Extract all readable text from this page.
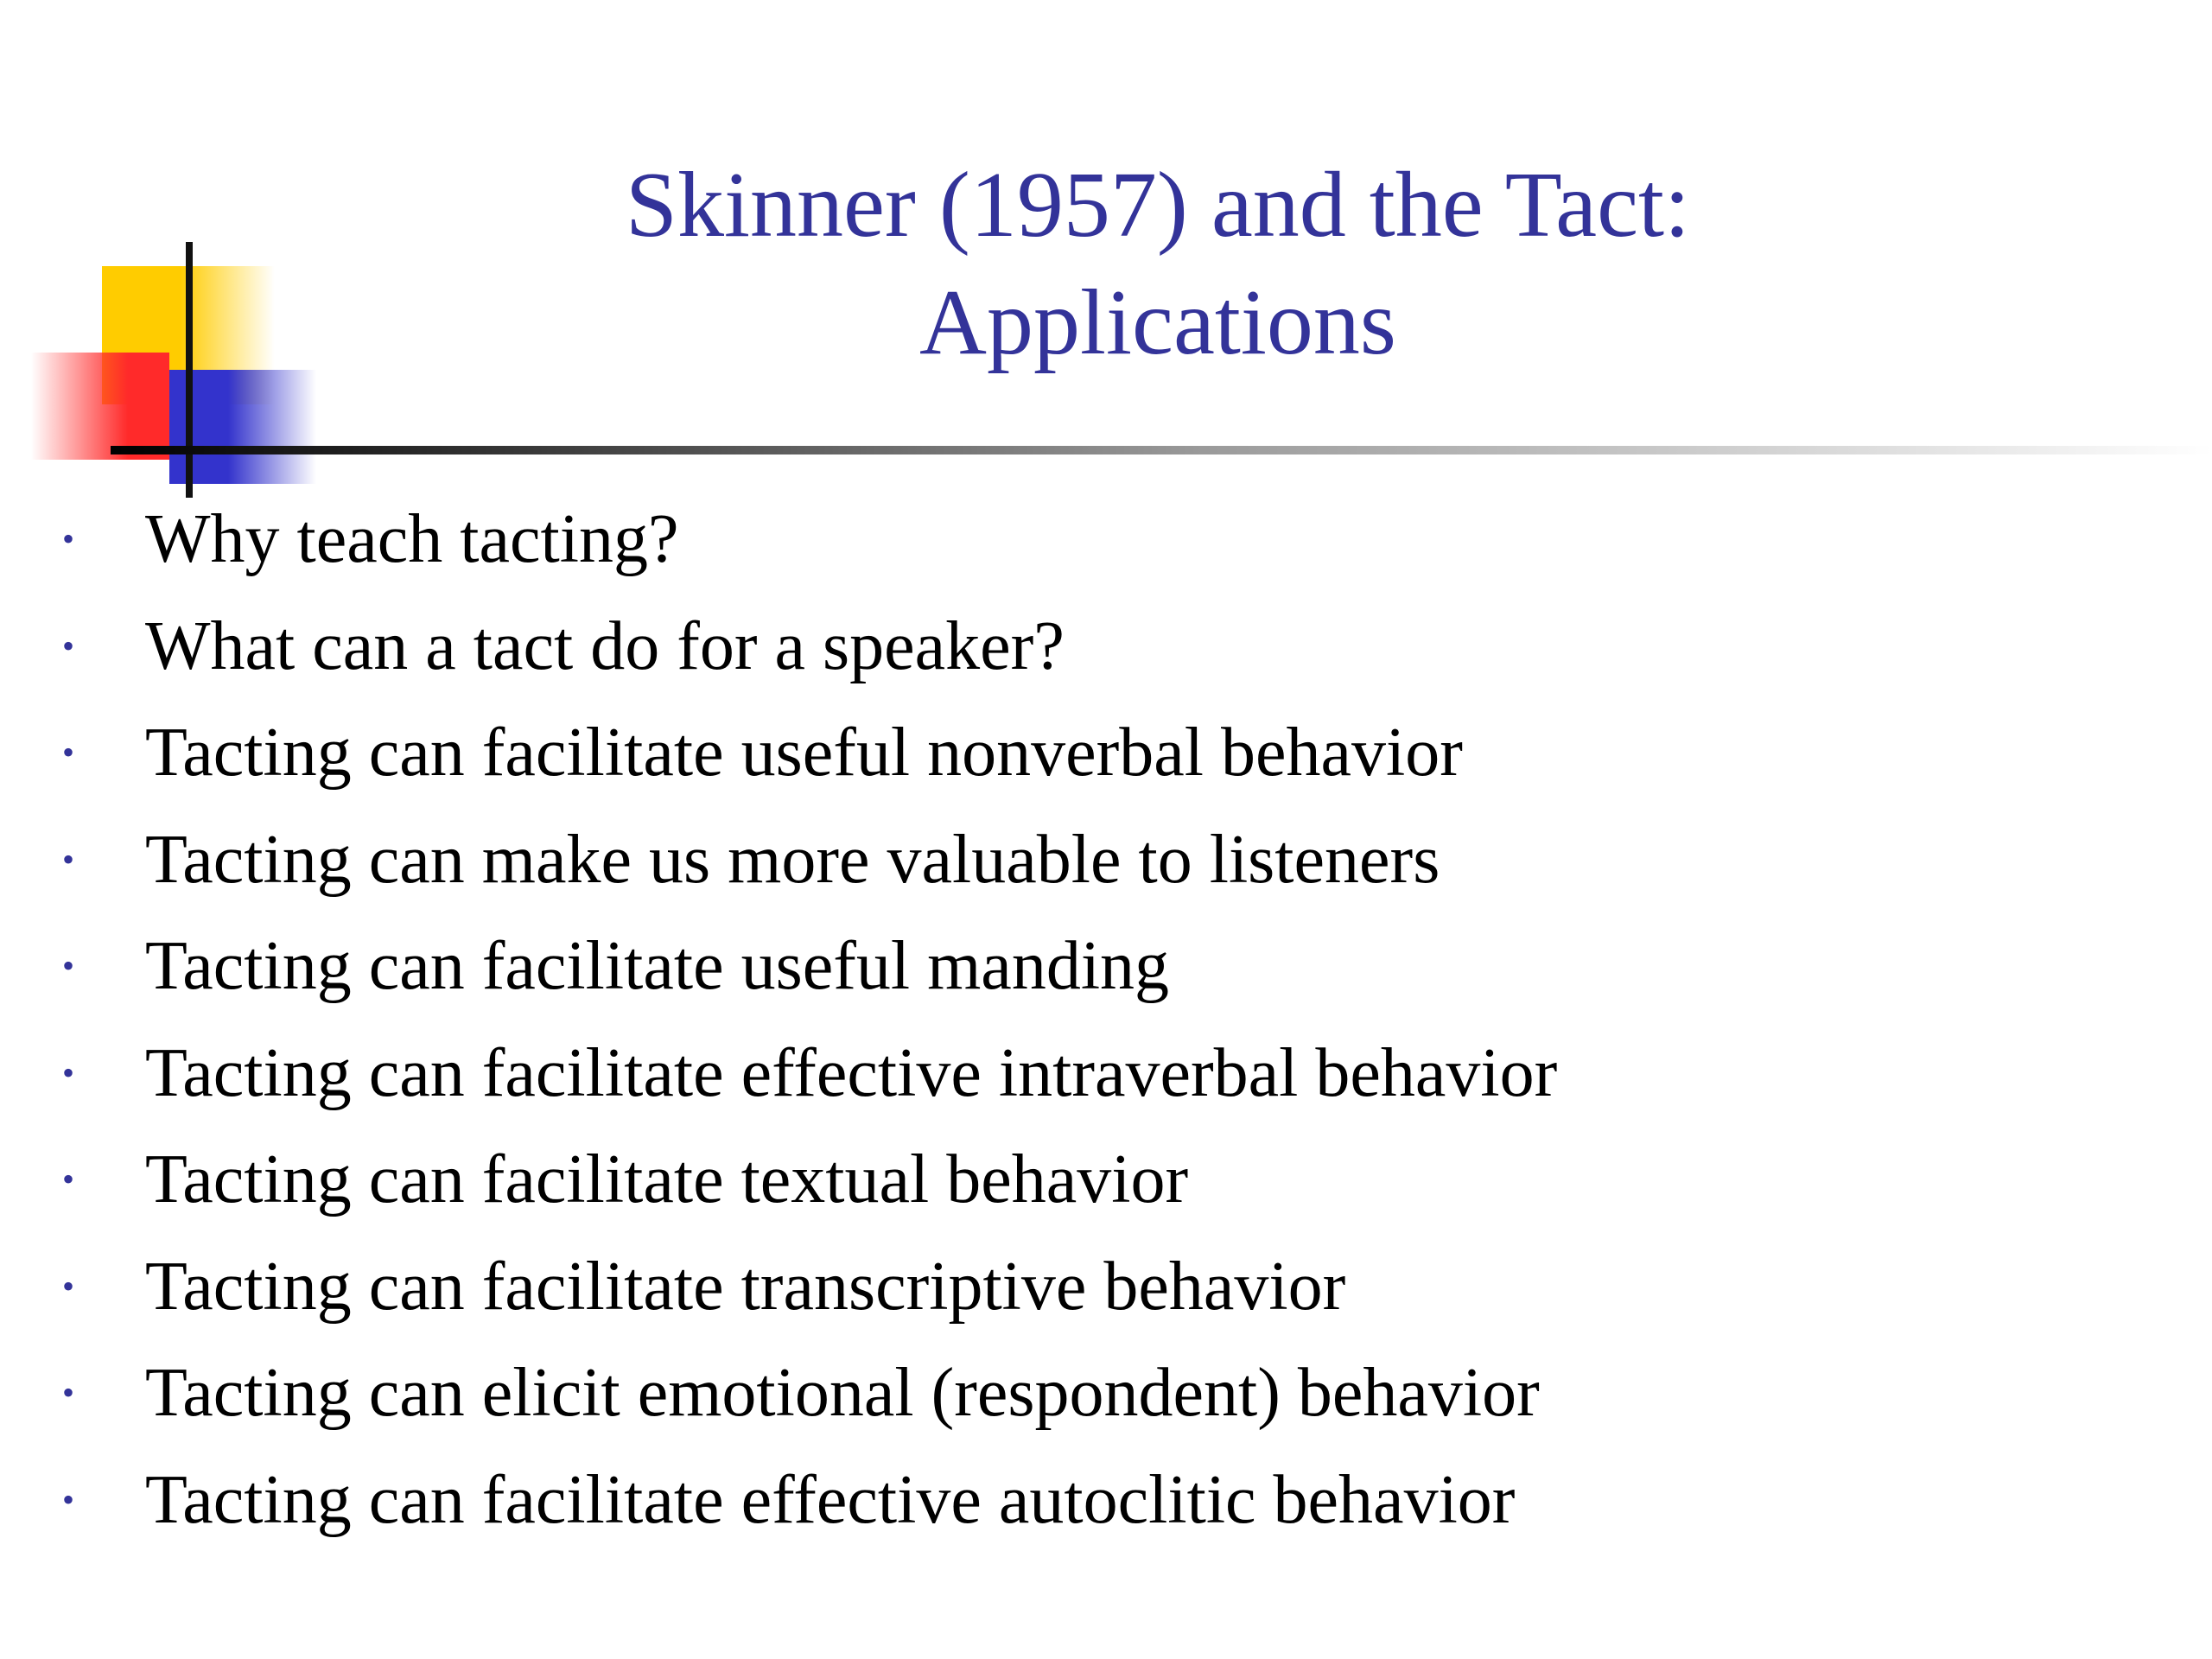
Skinner (1957) and the Tact:
Applications
• Why teach tacting?
• What can a tact do for a speaker?
• Tacting can facilitate useful nonverbal behavior
• Tacting can make us more valuable to listeners
• Tacting can facilitate useful manding
• Tacting can facilitate effective intraverbal behavior
• Tacting can facilitate textual behavior
• Tacting can facilitate transcriptive behavior
• Tacting can elicit emotional (respondent) behavior
• Tacting can facilitate effective autoclitic behavior
